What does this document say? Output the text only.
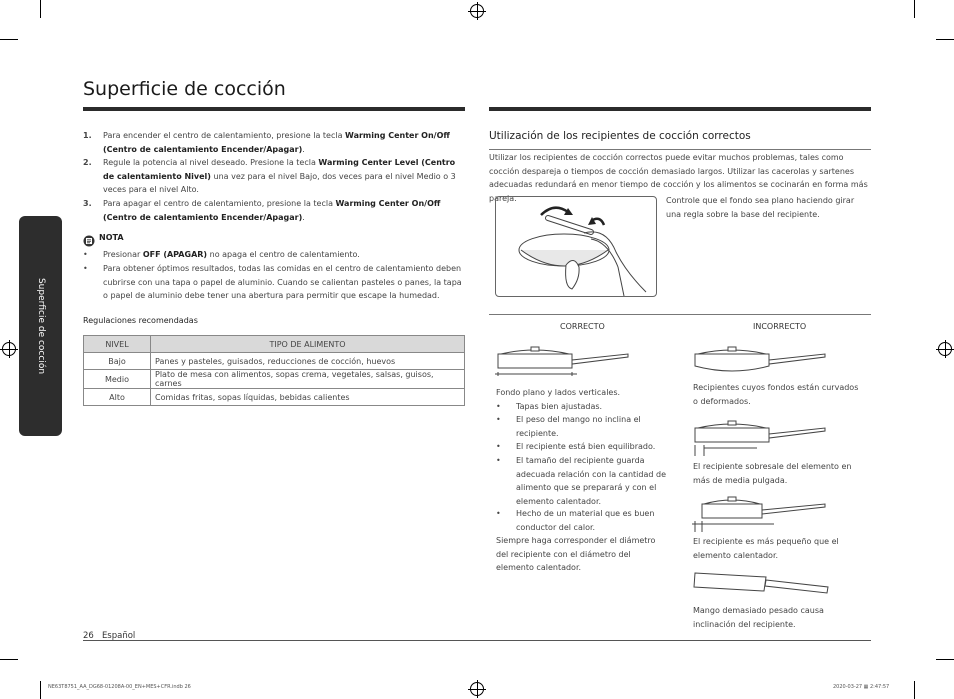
Superficie de cocción
Superficie de cocción
1. Para encender el centro de calentamiento, presione la tecla Warming Center On/Off (Centro de calentamiento Encender/Apagar).
2. Regule la potencia al nivel deseado. Presione la tecla Warming Center Level (Centro de calentamiento Nivel) una vez para el nivel Bajo, dos veces para el nivel Medio o 3 veces para el nivel Alto.
3. Para apagar el centro de calentamiento, presione la tecla Warming Center On/Off (Centro de calentamiento Encender/Apagar).
NOTA
• Presionar OFF (APAGAR) no apaga el centro de calentamiento.
• Para obtener óptimos resultados, todas las comidas en el centro de calentamiento deben cubrirse con una tapa o papel de aluminio. Cuando se calientan pasteles o panes, la tapa o papel de aluminio debe tener una abertura para permitir que escape la humedad.
Regulaciones recomendadas
NIVEL	TIPO DE ALIMENTO
Bajo	Panes y pasteles, guisados, reducciones de cocción, huevos
Medio	Plato de mesa con alimentos, sopas crema, vegetales, salsas, guisos, carnes
Alto	Comidas fritas, sopas líquidas, bebidas calientes
Utilización de los recipientes de cocción correctos
Utilizar los recipientes de cocción correctos puede evitar muchos problemas, tales como cocción despareja o tiempos de cocción demasiado largos. Utilizar las cacerolas y sartenes adecuadas redundará en menor tiempo de cocción y los alimentos se cocinarán en forma más pareja.	Controle que el fondo sea plano haciendo girar una regla sobre la base del recipiente.
CORRECTO	INCORRECTO
Fondo plano y lados verticales.
• Tapas bien ajustadas.
• El peso del mango no inclina el recipiente.
• El recipiente está bien equilibrado.
• El tamaño del recipiente guarda adecuada relación con la cantidad de alimento que se preparará y con el elemento calentador.
• Hecho de un material que es buen conductor del calor.
Siempre haga corresponder el diámetro del recipiente con el diámetro del elemento calentador.
Recipientes cuyos fondos están curvados o deformados.
El recipiente sobresale del elemento en más de media pulgada.
El recipiente es más pequeño que el elemento calentador.
Mango demasiado pesado causa inclinación del recipiente.
26 Español
NE63T8751_AA_DG68-01208A-00_EN+MES+CFR.indb 26	2020-03-27 ▦ 2:47:57
